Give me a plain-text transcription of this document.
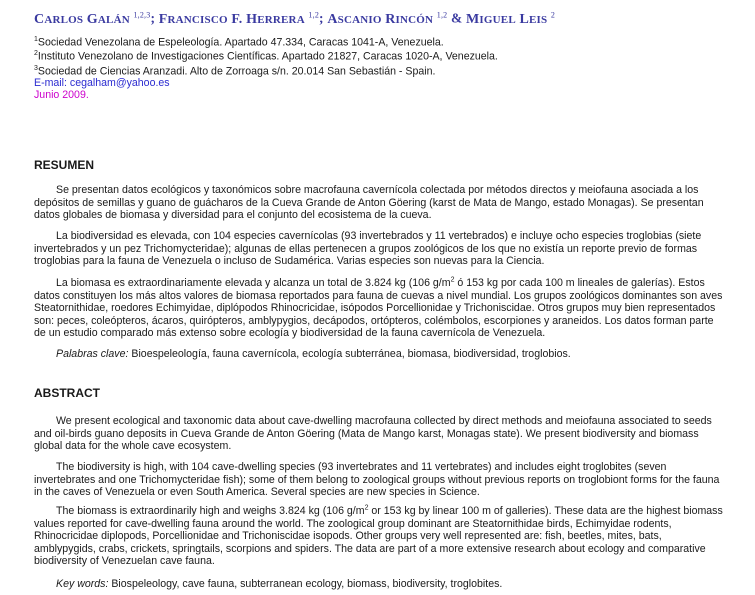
CARLOS GALÁN $^{1,2,3}$; FRANCISCO F. HERRERA $^{1,2}$; ASCANIO RINCÓN $^{1,2}$ & MIGUEL LEIS $^2$

$^1$Sociedad Venezolana de Espeleología. Apartado 47.334, Caracas 1041-A, Venezuela.

$^2$Instituto Venezolano de Investigaciones Científicas. Apartado 21827, Caracas 1020-A, Venezuela.

$^3$Sociedad de Ciencias Aranzadi. Alto de Zorroaga s/n. 20.014 San Sebastián - Spain.

E-mail: cegalham@yahoo.es
Junio 2009.
RESUMEN

Se presentan datos ecológicos y taxonómicos sobre macrofauna cavernícola colectada por métodos directos y meiofauna asociada a los depósitos de semillas y guano de guácharos de la Cueva Grande de Anton Göering (karst de Mata de Mango, estado Monagas). Se presentan datos globales de biomasa y diversidad para el conjunto del ecosistema de la cueva.

La biodiversidad es elevada, con 104 especies cavernícolas (93 invertebrados y 11 vertebrados) e incluye ocho especies troglobias (siete invertebrados y un pez Trichomycteridae); algunas de ellas pertenecen a grupos zoológicos de los que no existía un reporte previo de formas troglobias para la fauna de Venezuela o incluso de Sudamérica. Varias especies son nuevas para la Ciencia.

La biomasa es extraordinariamente elevada y alcanza un total de 3.824 kg (106 $g/m^2$ ó 153 kg por cada 100 m lineales de galerías). Estos datos constituyen los más altos valores de biomasa reportados para fauna de cuevas a nivel mundial. Los grupos zoológicos dominantes son aves Steatornithidae, roedores Echimyidae, diplópodos Rhinocricidae, isópodos Porcellionidae y Trichoniscidae. Otros grupos muy bien representados son: peces, coleópteros, ácaros, quirópteros, amblypygios, decápodos, ortópteros, colémbolos, escorpiones y araneidos. Los datos forman parte de un estudio comparado más extenso sobre ecología y biodiversidad de la fauna cavernícola de Venezuela.

Palabras clave: Bioespeleología, fauna cavernícola, ecología subterránea, biomasa, biodiversidad, troglobios.

ABSTRACT

We present ecological and taxonomic data about cave-dwelling macrofauna collected by direct methods and meiofauna associated to seeds and oil-birds guano deposits in Cueva Grande de Anton Göering (Mata de Mango karst, Monagas state). We present biodiversity and biomass global data for the whole cave ecosystem.

The biodiversity is high, with 104 cave-dwelling species (93 invertebrates and 11 vertebrates) and includes eight troglobites (seven invertebrates and one Trichomycteridae fish); some of them belong to zoological groups without previous reports on troglobiont forms for the fauna in the caves of Venezuela or even South America. Several species are new species in Science.

The biomass is extraordinarily high and weighs 3.824 kg (106 $g/m^2$ or 153 kg by linear 100 m of galleries). These data are the highest biomass values reported for cave-dwelling fauna around the world. The zoological group dominant are Steatornithidae birds, Echimyidae rodents, Rhinocricidae diplopods, Porcellionidae and Trichoniscidae isopods. Other groups very well represented are: fish, beetles, mites, bats, amblypygids, crabs, crickets, springtails, scorpions and spiders. The data are part of a more extensive research about ecology and comparative biodiversity of Venezuelan cave fauna.

Key words: Biospeleology, cave fauna, subterranean ecology, biomass, biodiversity, troglobites.
